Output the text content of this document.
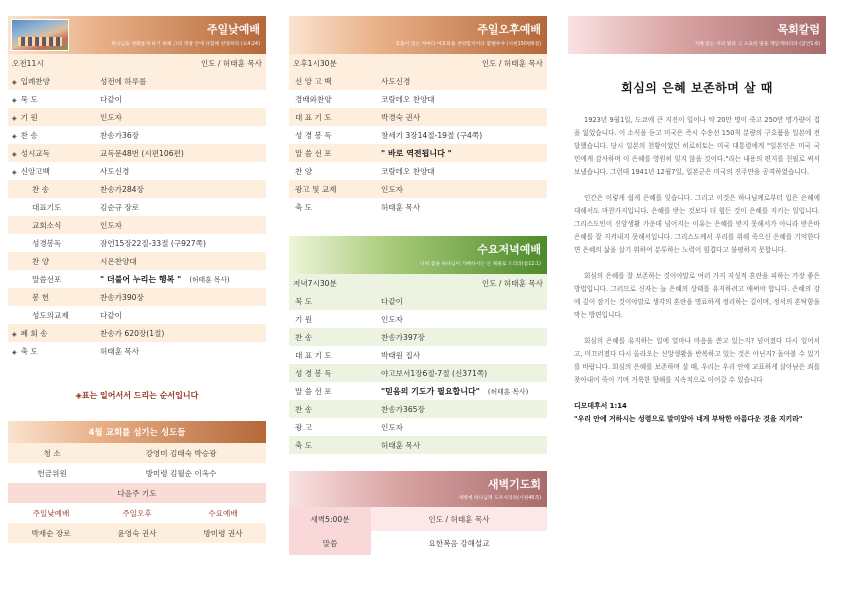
주일낮예배
하나님을 영화롭게 하기 위해 그의 영광 안에 다함께 찬양하라 (요4:24)
오전11시	인도 / 허태훈 목사
◈ 입례찬양	성전에 하루를
◈ 묵 도	다같이
◈ 기 원	인도자
◈ 찬 송	찬송가36장
◈ 성시교독	교독문48번 (시편106편)
◈ 신앙고백	사도신경
찬 송	찬송가284장
대표기도	김순규 장로
교회소식	인도자
성경봉독	잠언15장22절-33절 (구927쪽)
찬 양	시온찬양대
말씀선포	" 더불어 누리는 행복 " (허태훈 목사)
봉 헌	찬송가390장
성도의교제	다같이
◈ 폐 회 송	찬송가 620장(1절)
◈ 축 도	허태훈 목사
◈표는 일어서서 드리는 순서입니다
4월 교회를 섬기는 성도들
청 소	강영미 김태숙 박승광
헌금위원	방미령 김월순 이옥수
다음주 기도		
주일낮예배	주일오후	수요예배
박재순 장로	윤영숙 권사	방미령 권사
주일오후예배
호흡이 있는 자마다 여호와를 찬양할지어다 할렐루야 (시편150편6절)
오후1시30분	인도 / 허태훈 목사
신 앙 고 백	사도신경
경배와찬양	코람데오 찬양대
대 표 기 도	박경숙 권사
성 경 봉 독	창세기 3장14절-19절 (구4쪽)
말 씀 선 포	" 바로 역전됩니다 "
찬 양	코람데오 찬양대
광고 및 교제	인도자
축 도	허태훈 목사
수요저녁예배
너희 몸을 하나님이 기뻐하시는 산 제물로 드리라(롬12:1)
저녁7시30분	인도 / 허태훈 목사
묵 도	다같이
기 원	인도자
찬 송	찬송가397장
대 표 기 도	박태원 집사
성 경 봉 독	야고보서1장6절-7절 (신371쪽)
말 씀 선 포	"믿음의 기도가 필요합니다" (허태훈 목사)
찬 송	찬송가365장
광 고	인도자
축 도	허태훈 목사
새벽기도회
새벽에 하나님께 도우시리라(시편46:5)
새벽5:00분	인도 / 허태훈 목사
말씀	요한복음 강해설교
목회칼럼
지혜 있는 자의 말과 그 오묘한 말을 깨닫게하리라 (잠언1:6)
회심의 은혜 보존하며 살 때

1923년 9월1일, 도쿄에 큰 지진이 일어나 약 20만 명이 죽고 250만 명가량이 집을 잃었습니다. 이 소식을 듣고 미국은 즉시 수송선 150척 분량의 구호품을 일본에 전달했습니다. 당시 일본의 천황이었던 히로히토는 미국 대통령에게 "일본인은 미국 국민에게 감사하며 이 은혜를 영원히 잊지 않을 것이다."라는 내용의 편지를 친필로 써서 보냈습니다. 그런데 1941년 12월7일, 일본군은 미국의 진주만을 공격하였습니다.

인간은 이렇게 쉽게 은혜를 잊습니다. 그리고 이것은 하나님께로부터 입은 은혜에 대해서도 마찬가지입니다. 은혜를 받는 것보다 더 힘든 것이 은혜를 지키는 일입니다. 그리스도인이 신앙생활 가운데 넘어지는 이유는 은혜를 받지 못해서가 아니라 받은바 은혜를 잘 지켜내지 못해서입니다. 그리스도께서 우리를 위해 죽으신 은혜를 기억한다면 은혜의 삶을 살기 위하여 분투하는 노력이 힘겹다고 불평하지 못합니다.

회심의 은혜를 잘 보존하는 것이야말로 여러 가지 지성적 혼란을 피하는 가장 좋은 방법입니다. 그러므로 신자는 늘 은혜의 상태를 유지하려고 애써야 합니다. 은혜의 강에 깊이 잠기는 것이야말로 생각의 혼란을 명료하게 정리하는 길이며, 정서의 혼탁함을 막는 방편입니다.

회심의 은혜를 유지하는 일에 얼마나 마음을 쏟고 있는지? 넘어졌다 다시 일어서고, 미끄러졌다 다시 올라오는 신앙생활을 반복하고 있는 것은 아닌지? 돌아볼 수 있기를 바랍니다. 회심의 은혜를 보존하며 살 때, 우리는 우리 안에 교표하게 살아남은 죄를 찾아내어 죽이 기며 거룩한 향해를 지속적으로 이어갈 수 있습니다

디모데후서 1:14
"우리 안에 거하시는 성령으로 말미암아 네게 부탁한 아름다운 것을 지키라"
